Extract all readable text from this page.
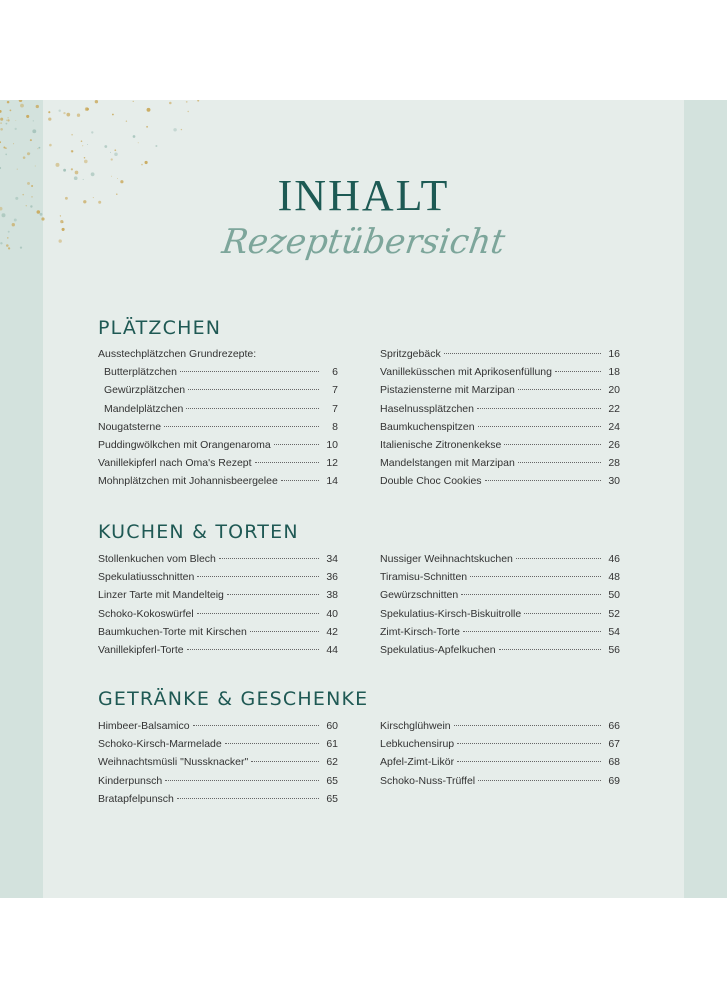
INHALT
Rezeptübersicht
PLÄTZCHEN
Ausstechplätzchen Grundrezepte:
Butterplätzchen	6
Gewürzplätzchen	7
Mandelplätzchen	7
Nougatsterne	8
Puddingwölkchen mit Orangenaroma	10
Vanillekipferl nach Oma's Rezept	12
Mohnplätzchen mit Johannisbeergelee	14
Spritzgebäck	16
Vanilleküsschen mit Aprikosenfüllung	18
Pistaziensterne mit Marzipan	20
Haselnussplätzchen	22
Baumkuchenspitzen	24
Italienische Zitronenkekse	26
Mandelstangen mit Marzipan	28
Double Choc Cookies	30
KUCHEN & TORTEN
Stollenkuchen vom Blech	34
Spekulatiusschnitten	36
Linzer Tarte mit Mandelteig	38
Schoko-Kokoswürfel	40
Baumkuchen-Torte mit Kirschen	42
Vanillekipferl-Torte	44
Nussiger Weihnachtskuchen	46
Tiramisu-Schnitten	48
Gewürzschnitten	50
Spekulatius-Kirsch-Biskuitrolle	52
Zimt-Kirsch-Torte	54
Spekulatius-Apfelkuchen	56
GETRÄNKE & GESCHENKE
Himbeer-Balsamico	60
Schoko-Kirsch-Marmelade	61
Weihnachtsmüsli "Nussknacker"	62
Kinderpunsch	65
Bratapfelpunsch	65
Kirschglühwein	66
Lebkuchensirup	67
Apfel-Zimt-Likör	68
Schoko-Nuss-Trüffel	69
